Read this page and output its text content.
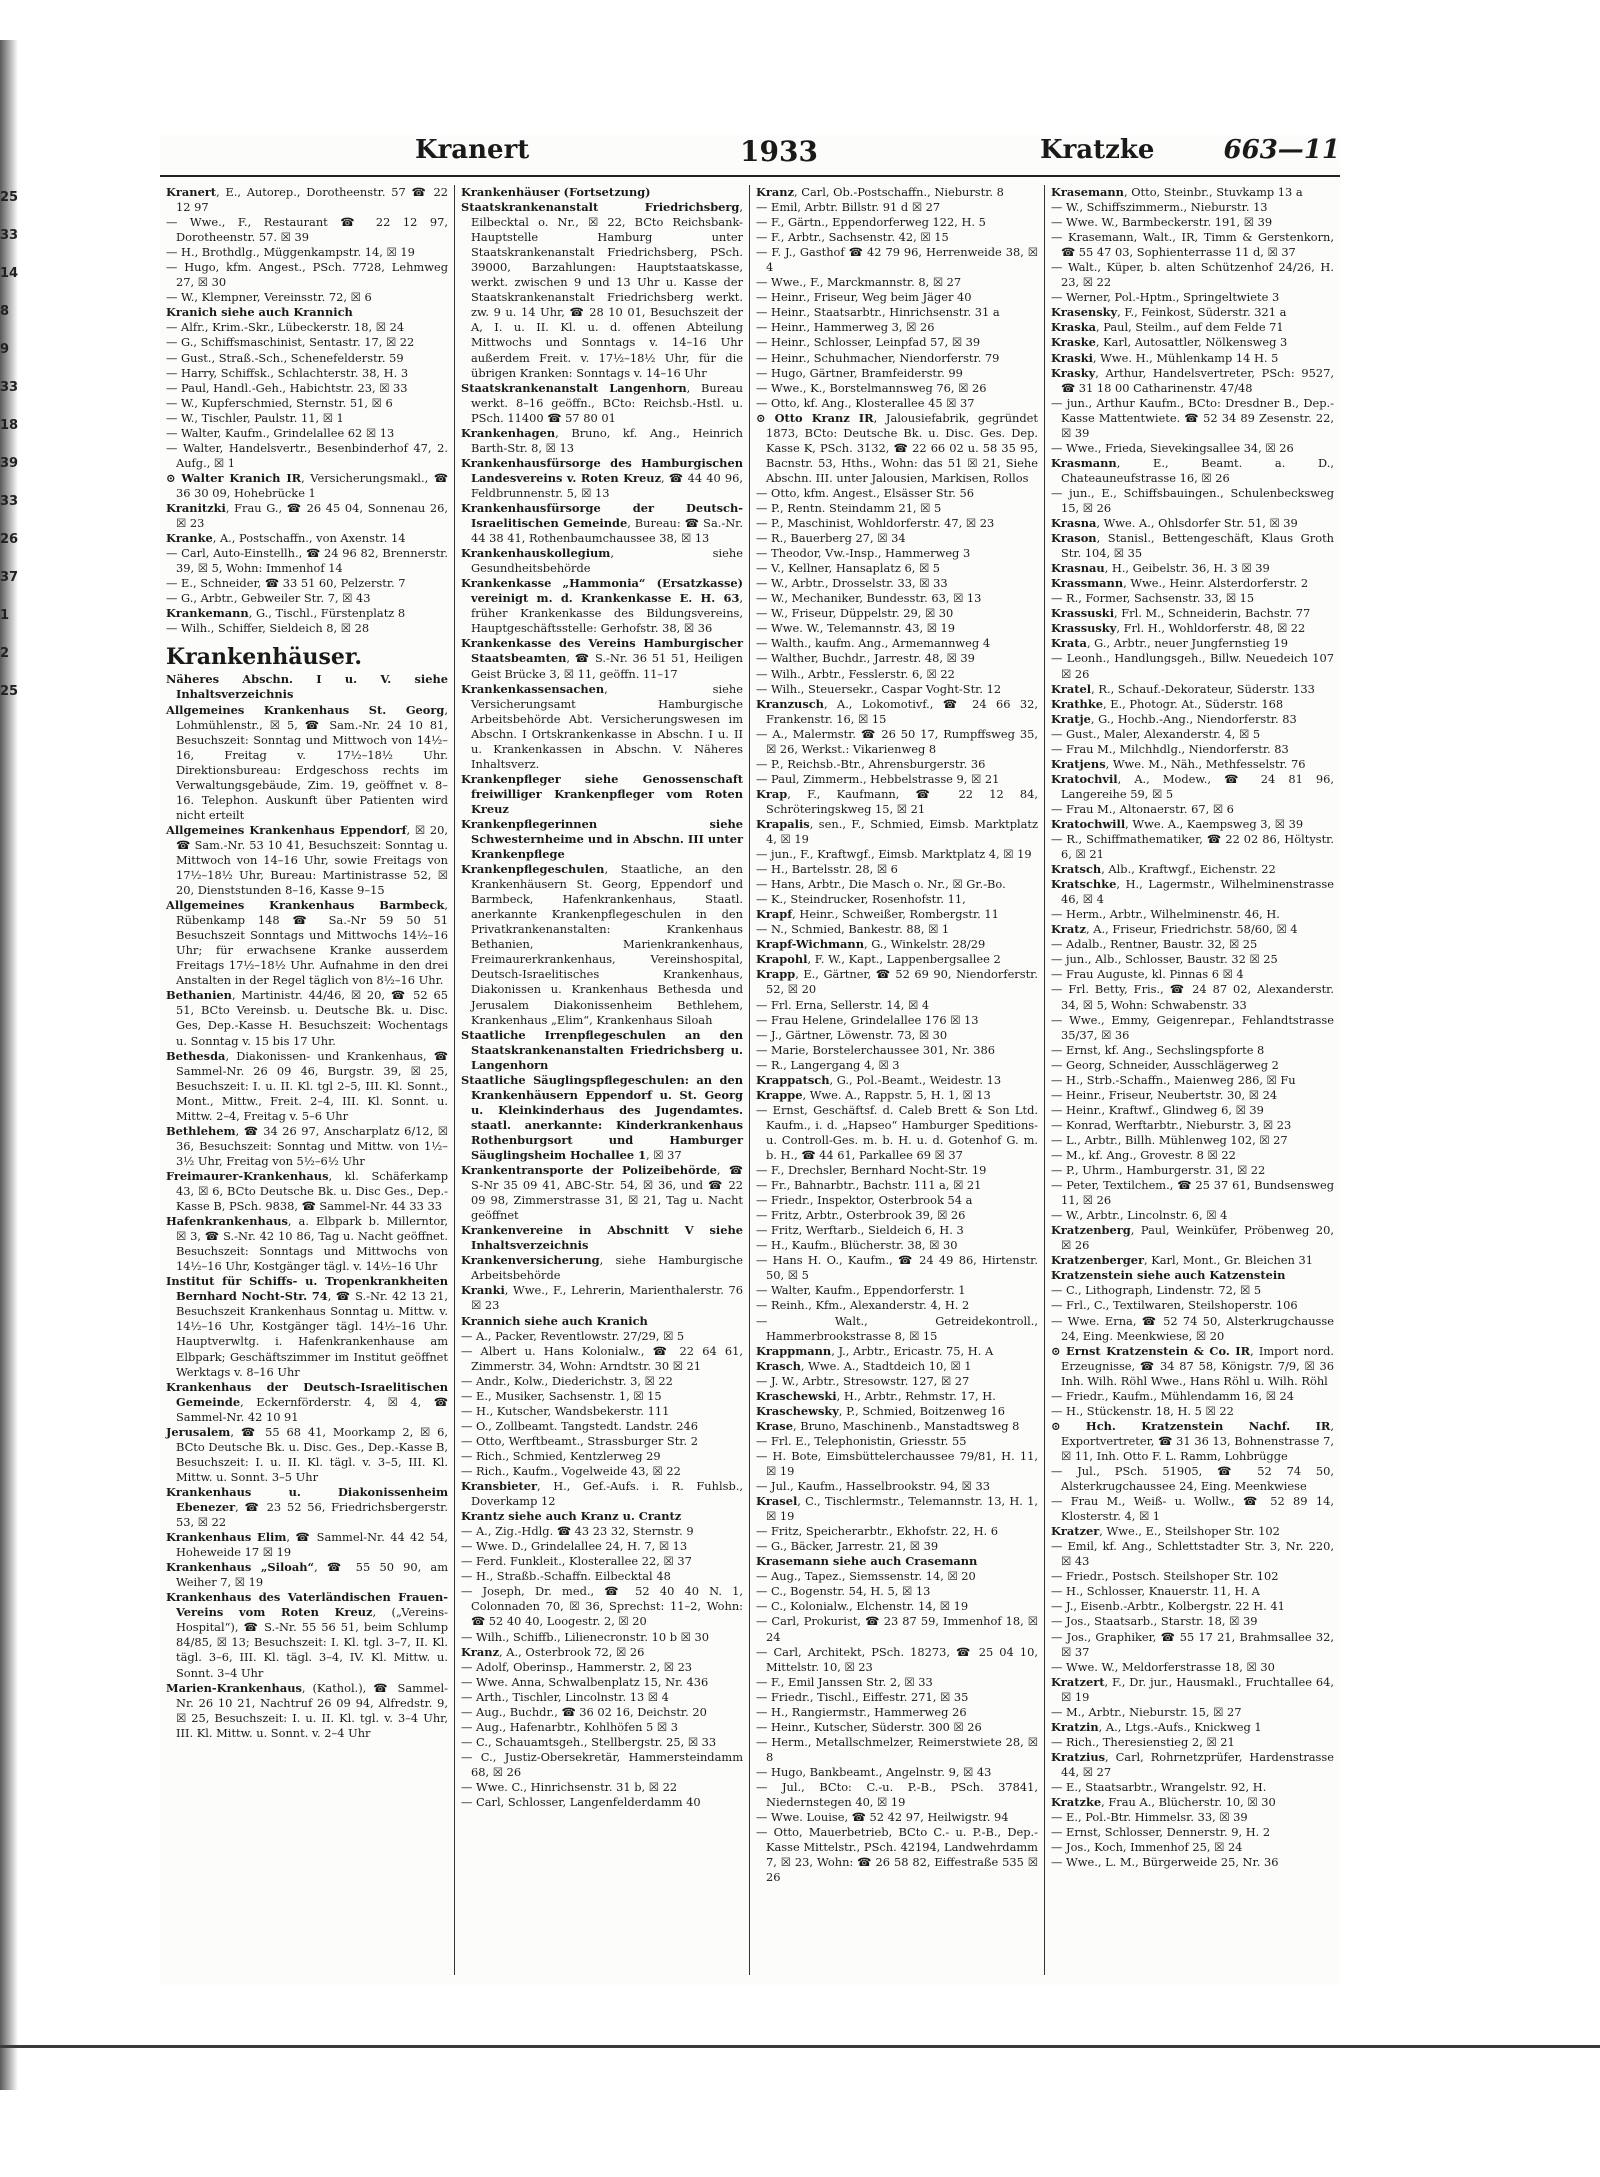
25
33
14
8
9
33
18
39
33
26
37
1
2
25
Kranert	1933	Kratzke	663—11

Kranert, E., Autorep., Dorotheenstr. 57 ☎ 22 12 97

— Wwe., F., Restaurant ☎ 22 12 97, Dorotheenstr. 57. ☒ 39

— H., Brothdlg., Müggenkampstr. 14, ☒ 19

— Hugo, kfm. Angest., PSch. 7728, Lehmweg 27, ☒ 30

— W., Klempner, Vereinsstr. 72, ☒ 6

Kranich siehe auch Krannich

— Alfr., Krim.-Skr., Lübeckerstr. 18, ☒ 24

— G., Schiffsmaschinist, Sentastr. 17, ☒ 22

— Gust., Straß.-Sch., Schenefelderstr. 59

— Harry, Schiffsk., Schlachterstr. 38, H. 3

— Paul, Handl.-Geh., Habichtstr. 23, ☒ 33

— W., Kupferschmied, Sternstr. 51, ☒ 6

— W., Tischler, Paulstr. 11, ☒ 1

— Walter, Kaufm., Grindelallee 62 ☒ 13

— Walter, Handelsvertr., Besenbinderhof 47, 2. Aufg., ☒ 1

⊙ Walter Kranich IR, Versicherungsmakl., ☎ 36 30 09, Hohebrücke 1

Kranitzki, Frau G., ☎ 26 45 04, Sonnenau 26, ☒ 23

Kranke, A., Postschaffn., von Axenstr. 14

— Carl, Auto-Einstellh., ☎ 24 96 82, Brennerstr. 39, ☒ 5, Wohn: Immenhof 14

— E., Schneider, ☎ 33 51 60, Pelzerstr. 7

— G., Arbtr., Gebweiler Str. 7, ☒ 43

Krankemann, G., Tischl., Fürstenplatz 8

— Wilh., Schiffer, Sieldeich 8, ☒ 28

Krankenhäuser.

Näheres Abschn. I u. V. siehe Inhaltsverzeichnis

Allgemeines Krankenhaus St. Georg, Lohmühlenstr., ☒ 5, ☎ Sam.-Nr. 24 10 81, Besuchszeit: Sonntag und Mittwoch von 14½–16, Freitag v. 17½–18½ Uhr. Direktionsbureau: Erdgeschoss rechts im Verwaltungsgebäude, Zim. 19, geöffnet v. 8–16. Telephon. Auskunft über Patienten wird nicht erteilt

Allgemeines Krankenhaus Eppendorf, ☒ 20, ☎ Sam.-Nr. 53 10 41, Besuchszeit: Sonntag u. Mittwoch von 14–16 Uhr, sowie Freitags von 17½–18½ Uhr, Bureau: Martinistrasse 52, ☒ 20, Dienststunden 8–16, Kasse 9–15

Allgemeines Krankenhaus Barmbeck, Rübenkamp 148 ☎ Sa.-Nr 59 50 51 Besuchszeit Sonntags und Mittwochs 14½–16 Uhr; für erwachsene Kranke ausserdem Freitags 17½–18½ Uhr. Aufnahme in den drei Anstalten in der Regel täglich von 8½–16 Uhr.

Bethanien, Martinistr. 44/46, ☒ 20, ☎ 52 65 51, BCto Vereinsb. u. Deutsche Bk. u. Disc. Ges, Dep.-Kasse H. Besuchszeit: Wochentags u. Sonntag v. 15 bis 17 Uhr.

Bethesda, Diakonissen- und Krankenhaus, ☎ Sammel-Nr. 26 09 46, Burgstr. 39, ☒ 25, Besuchszeit: I. u. II. Kl. tgl 2–5, III. Kl. Sonnt., Mont., Mittw., Freit. 2–4, III. Kl. Sonnt. u. Mittw. 2–4, Freitag v. 5–6 Uhr

Bethlehem, ☎ 34 26 97, Anscharplatz 6/12, ☒ 36, Besuchszeit: Sonntag und Mittw. von 1½–3½ Uhr, Freitag von 5½–6½ Uhr

Freimaurer-Krankenhaus, kl. Schäferkamp 43, ☒ 6, BCto Deutsche Bk. u. Disc Ges., Dep.-Kasse B, PSch. 9838, ☎ Sammel-Nr. 44 33 33

Hafenkrankenhaus, a. Elbpark b. Millerntor, ☒ 3, ☎ S.-Nr. 42 10 86, Tag u. Nacht geöffnet. Besuchszeit: Sonntags und Mittwochs von 14½–16 Uhr, Kostgänger tägl. v. 14½–16 Uhr

Institut für Schiffs- u. Tropenkrankheiten Bernhard Nocht-Str. 74, ☎ S.-Nr. 42 13 21, Besuchszeit Krankenhaus Sonntag u. Mittw. v. 14½–16 Uhr, Kostgänger tägl. 14½–16 Uhr. Hauptverwltg. i. Hafenkrankenhause am Elbpark; Geschäftszimmer im Institut geöffnet Werktags v. 8–16 Uhr

Krankenhaus der Deutsch-Israelitischen Gemeinde, Eckernförderstr. 4, ☒ 4, ☎ Sammel-Nr. 42 10 91

Jerusalem, ☎ 55 68 41, Moorkamp 2, ☒ 6, BCto Deutsche Bk. u. Disc. Ges., Dep.-Kasse B, Besuchszeit: I. u. II. Kl. tägl. v. 3–5, III. Kl. Mittw. u. Sonnt. 3–5 Uhr

Krankenhaus u. Diakonissenheim Ebenezer, ☎ 23 52 56, Friedrichsbergerstr. 53, ☒ 22

Krankenhaus Elim, ☎ Sammel-Nr. 44 42 54, Hoheweide 17 ☒ 19

Krankenhaus „Siloah“, ☎ 55 50 90, am Weiher 7, ☒ 19

Krankenhaus des Vaterländischen Frauen-Vereins vom Roten Kreuz, („Vereins-Hospital“), ☎ S.-Nr. 55 56 51, beim Schlump 84/85, ☒ 13; Besuchszeit: I. Kl. tgl. 3–7, II. Kl. tägl. 3–6, III. Kl. tägl. 3–4, IV. Kl. Mittw. u. Sonnt. 3–4 Uhr

Marien-Krankenhaus, (Kathol.), ☎ Sammel-Nr. 26 10 21, Nachtruf 26 09 94, Alfredstr. 9, ☒ 25, Besuchszeit: I. u. II. Kl. tgl. v. 3–4 Uhr, III. Kl. Mittw. u. Sonnt. v. 2–4 Uhr

Krankenhäuser (Fortsetzung)

Staatskrankenanstalt Friedrichsberg, Eilbecktal o. Nr., ☒ 22, BCto Reichsbank-Hauptstelle Hamburg unter Staatskrankenanstalt Friedrichsberg, PSch. 39000, Barzahlungen: Hauptstaatskasse, werkt. zwischen 9 und 13 Uhr u. Kasse der Staatskrankenanstalt Friedrichsberg werkt. zw. 9 u. 14 Uhr, ☎ 28 10 01, Besuchszeit der A, I. u. II. Kl. u. d. offenen Abteilung Mittwochs und Sonntags v. 14–16 Uhr außerdem Freit. v. 17½–18½ Uhr, für die übrigen Kranken: Sonntags v. 14–16 Uhr

Staatskrankenanstalt Langenhorn, Bureau werkt. 8–16 geöffn., BCto: Reichsb.-Hstl. u. PSch. 11400 ☎ 57 80 01

Krankenhagen, Bruno, kf. Ang., Heinrich Barth-Str. 8, ☒ 13

Krankenhausfürsorge des Hamburgischen Landesvereins v. Roten Kreuz, ☎ 44 40 96, Feldbrunnenstr. 5, ☒ 13

Krankenhausfürsorge der Deutsch-Israelitischen Gemeinde, Bureau: ☎ Sa.-Nr. 44 38 41, Rothenbaumchaussee 38, ☒ 13

Krankenhauskollegium, siehe Gesundheitsbehörde

Krankenkasse „Hammonia“ (Ersatzkasse) vereinigt m. d. Krankenkasse E. H. 63, früher Krankenkasse des Bildungsvereins, Hauptgeschäftsstelle: Gerhofstr. 38, ☒ 36

Krankenkasse des Vereins Hamburgischer Staatsbeamten, ☎ S.-Nr. 36 51 51, Heiligen Geist Brücke 3, ☒ 11, geöffn. 11–17

Krankenkassensachen, siehe Versicherungsamt Hamburgische Arbeitsbehörde Abt. Versicherungswesen im Abschn. I Ortskrankenkasse in Abschn. I u. II u. Krankenkassen in Abschn. V. Näheres Inhaltsverz.

Krankenpfleger siehe Genossenschaft freiwilliger Krankenpfleger vom Roten Kreuz

Krankenpflegerinnen siehe Schwesternheime und in Abschn. III unter Krankenpflege

Krankenpflegeschulen, Staatliche, an den Krankenhäusern St. Georg, Eppendorf und Barmbeck, Hafenkrankenhaus, Staatl. anerkannte Krankenpflegeschulen in den Privatkrankenanstalten: Krankenhaus Bethanien, Marienkrankenhaus, Freimaurerkrankenhaus, Vereinshospital, Deutsch-Israelitisches Krankenhaus, Diakonissen u. Krankenhaus Bethesda und Jerusalem Diakonissenheim Bethlehem, Krankenhaus „Elim“, Krankenhaus Siloah

Staatliche Irrenpflegeschulen an den Staatskrankenanstalten Friedrichsberg u. Langenhorn

Staatliche Säuglingspflegeschulen: an den Krankenhäusern Eppendorf u. St. Georg u. Kleinkinderhaus des Jugendamtes. staatl. anerkannte: Kinderkrankenhaus Rothenburgsort und Hamburger Säuglingsheim Hochallee 1, ☒ 37

Krankentransporte der Polizeibehörde, ☎ S-Nr 35 09 41, ABC-Str. 54, ☒ 36, und ☎ 22 09 98, Zimmerstrasse 31, ☒ 21, Tag u. Nacht geöffnet

Krankenvereine in Abschnitt V siehe Inhaltsverzeichnis

Krankenversicherung, siehe Hamburgische Arbeitsbehörde

Kranki, Wwe., F., Lehrerin, Marienthalerstr. 76 ☒ 23

Krannich siehe auch Kranich

— A., Packer, Reventlowstr. 27/29, ☒ 5

— Albert u. Hans Kolonialw., ☎ 22 64 61, Zimmerstr. 34, Wohn: Arndtstr. 30 ☒ 21

— Andr., Kolw., Diederichstr. 3, ☒ 22

— E., Musiker, Sachsenstr. 1, ☒ 15

— H., Kutscher, Wandsbekerstr. 111

— O., Zollbeamt. Tangstedt. Landstr. 246

— Otto, Werftbeamt., Strassburger Str. 2

— Rich., Schmied, Kentzlerweg 29

— Rich., Kaufm., Vogelweide 43, ☒ 22

Kransbieter, H., Gef.-Aufs. i. R. Fuhlsb., Doverkamp 12

Krantz siehe auch Kranz u. Crantz

— A., Zig.-Hdlg. ☎ 43 23 32, Sternstr. 9

— Wwe. D., Grindelallee 24, H. 7, ☒ 13

— Ferd. Funkleit., Klosterallee 22, ☒ 37

— H., Straßb.-Schaffn. Eilbecktal 48

— Joseph, Dr. med., ☎ 52 40 40 N. 1, Colonnaden 70, ☒ 36, Sprechst: 11–2, Wohn: ☎ 52 40 40, Loogestr. 2, ☒ 20

— Wilh., Schiffb., Lilienecronstr. 10 b ☒ 30

Kranz, A., Osterbrook 72, ☒ 26

— Adolf, Oberinsp., Hammerstr. 2, ☒ 23

— Wwe. Anna, Schwalbenplatz 15, Nr. 436

— Arth., Tischler, Lincolnstr. 13 ☒ 4

— Aug., Buchdr., ☎ 36 02 16, Deichstr. 20

— Aug., Hafenarbtr., Kohlhöfen 5 ☒ 3

— C., Schauamtsgeh., Stellbergstr. 25, ☒ 33

— C., Justiz-Obersekretär, Hammersteindamm 68, ☒ 26

— Wwe. C., Hinrichsenstr. 31 b, ☒ 22

— Carl, Schlosser, Langenfelderdamm 40

Kranz, Carl, Ob.-Postschaffn., Nieburstr. 8

— Emil, Arbtr. Billstr. 91 d ☒ 27

— F., Gärtn., Eppendorferweg 122, H. 5

— F., Arbtr., Sachsenstr. 42, ☒ 15

— F. J., Gasthof ☎ 42 79 96, Herrenweide 38, ☒ 4

— Wwe., F., Marckmannstr. 8, ☒ 27

— Heinr., Friseur, Weg beim Jäger 40

— Heinr., Staatsarbtr., Hinrichsenstr. 31 a

— Heinr., Hammerweg 3, ☒ 26

— Heinr., Schlosser, Leinpfad 57, ☒ 39

— Heinr., Schuhmacher, Niendorferstr. 79

— Hugo, Gärtner, Bramfeiderstr. 99

— Wwe., K., Borstelmannsweg 76, ☒ 26

— Otto, kf. Ang., Klosterallee 45 ☒ 37

⊙ Otto Kranz IR, Jalousiefabrik, gegründet 1873, BCto: Deutsche Bk. u. Disc. Ges. Dep. Kasse K, PSch. 3132, ☎ 22 66 02 u. 58 35 95, Bacnstr. 53, Hths., Wohn: das 51 ☒ 21, Siehe Abschn. III. unter Jalousien, Markisen, Rollos

— Otto, kfm. Angest., Elsässer Str. 56

— P., Rentn. Steindamm 21, ☒ 5

— P., Maschinist, Wohldorferstr. 47, ☒ 23

— R., Bauerberg 27, ☒ 34

— Theodor, Vw.-Insp., Hammerweg 3

— V., Kellner, Hansaplatz 6, ☒ 5

— W., Arbtr., Drosselstr. 33, ☒ 33

— W., Mechaniker, Bundesstr. 63, ☒ 13

— W., Friseur, Düppelstr. 29, ☒ 30

— Wwe. W., Telemannstr. 43, ☒ 19

— Walth., kaufm. Ang., Armemannweg 4

— Walther, Buchdr., Jarrestr. 48, ☒ 39

— Wilh., Arbtr., Fesslerstr. 6, ☒ 22

— Wilh., Steuersekr., Caspar Voght-Str. 12

Kranzusch, A., Lokomotivf., ☎ 24 66 32, Frankenstr. 16, ☒ 15

— A., Malermstr. ☎ 26 50 17, Rumpffsweg 35, ☒ 26, Werkst.: Vikarienweg 8

— P., Reichsb.-Btr., Ahrensburgerstr. 36

— Paul, Zimmerm., Hebbelstrasse 9, ☒ 21

Krap, F., Kaufmann, ☎ 22 12 84, Schröteringskweg 15, ☒ 21

Krapalis, sen., F., Schmied, Eimsb. Marktplatz 4, ☒ 19

— jun., F., Kraftwgf., Eimsb. Marktplatz 4, ☒ 19

— H., Bartelsstr. 28, ☒ 6

— Hans, Arbtr., Die Masch o. Nr., ☒ Gr.-Bo.

— K., Steindrucker, Rosenhofstr. 11,

Krapf, Heinr., Schweißer, Rombergstr. 11

— N., Schmied, Bankestr. 88, ☒ 1

Krapf-Wichmann, G., Winkelstr. 28/29

Krapohl, F. W., Kapt., Lappenbergsallee 2

Krapp, E., Gärtner, ☎ 52 69 90, Niendorferstr. 52, ☒ 20

— Frl. Erna, Sellerstr. 14, ☒ 4

— Frau Helene, Grindelallee 176 ☒ 13

— J., Gärtner, Löwenstr. 73, ☒ 30

— Marie, Borstelerchaussee 301, Nr. 386

— R., Langergang 4, ☒ 3

Krappatsch, G., Pol.-Beamt., Weidestr. 13

Krappe, Wwe. A., Rappstr. 5, H. 1, ☒ 13

— Ernst, Geschäftsf. d. Caleb Brett & Son Ltd. Kaufm., i. d. „Hapseo“ Hamburger Speditions- u. Controll-Ges. m. b. H. u. d. Gotenhof G. m. b. H., ☎ 44 61, Parkallee 69 ☒ 37

— F., Drechsler, Bernhard Nocht-Str. 19

— Fr., Bahnarbtr., Bachstr. 111 a, ☒ 21

— Friedr., Inspektor, Osterbrook 54 a

— Fritz, Arbtr., Osterbrook 39, ☒ 26

— Fritz, Werftarb., Sieldeich 6, H. 3

— H., Kaufm., Blücherstr. 38, ☒ 30

— Hans H. O., Kaufm., ☎ 24 49 86, Hirtenstr. 50, ☒ 5

— Walter, Kaufm., Eppendorferstr. 1

— Reinh., Kfm., Alexanderstr. 4, H. 2

— Walt., Getreidekontroll., Hammerbrookstrasse 8, ☒ 15

Krappmann, J., Arbtr., Ericastr. 75, H. A

Krasch, Wwe. A., Stadtdeich 10, ☒ 1

— J. W., Arbtr., Stresowstr. 127, ☒ 27

Kraschewski, H., Arbtr., Rehmstr. 17, H.

Kraschewsky, P., Schmied, Boitzenweg 16

Krase, Bruno, Maschinenb., Manstadtsweg 8

— Frl. E., Telephonistin, Griesstr. 55

— H. Bote, Eimsbüttelerchaussee 79/81, H. 11, ☒ 19

— Jul., Kaufm., Hasselbrookstr. 94, ☒ 33

Krasel, C., Tischlermstr., Telemannstr. 13, H. 1, ☒ 19

— Fritz, Speicherarbtr., Ekhofstr. 22, H. 6

— G., Bäcker, Jarrestr. 21, ☒ 39

Krasemann siehe auch Crasemann

— Aug., Tapez., Siemssenstr. 14, ☒ 20

— C., Bogenstr. 54, H. 5, ☒ 13

— C., Kolonialw., Elchenstr. 14, ☒ 19

— Carl, Prokurist, ☎ 23 87 59, Immenhof 18, ☒ 24

— Carl, Architekt, PSch. 18273, ☎ 25 04 10, Mittelstr. 10, ☒ 23

— F., Emil Janssen Str. 2, ☒ 33

— Friedr., Tischl., Eiffestr. 271, ☒ 35

— H., Rangiermstr., Hammerweg 26

— Heinr., Kutscher, Süderstr. 300 ☒ 26

— Herm., Metallschmelzer, Reimerstwiete 28, ☒ 8

— Hugo, Bankbeamt., Angelnstr. 9, ☒ 43

— Jul., BCto: C.-u. P.-B., PSch. 37841, Niedernstegen 40, ☒ 19

— Wwe. Louise, ☎ 52 42 97, Heilwigstr. 94

— Otto, Mauerbetrieb, BCto C.- u. P.-B., Dep.-Kasse Mittelstr., PSch. 42194, Landwehrdamm 7, ☒ 23, Wohn: ☎ 26 58 82, Eiffestraße 535 ☒ 26

Krasemann, Otto, Steinbr., Stuvkamp 13 a

— W., Schiffszimmerm., Nieburstr. 13

— Wwe. W., Barmbeckerstr. 191, ☒ 39

— Krasemann, Walt., IR, Timm & Gerstenkorn, ☎ 55 47 03, Sophienterrasse 11 d, ☒ 37

— Walt., Küper, b. alten Schützenhof 24/26, H. 23, ☒ 22

— Werner, Pol.-Hptm., Springeltwiete 3

Krasensky, F., Feinkost, Süderstr. 321 a

Kraska, Paul, Steilm., auf dem Felde 71

Kraske, Karl, Autosattler, Nölkensweg 3

Kraski, Wwe. H., Mühlenkamp 14 H. 5

Krasky, Arthur, Handelsvertreter, PSch: 9527, ☎ 31 18 00 Catharinenstr. 47/48

— jun., Arthur Kaufm., BCto: Dresdner B., Dep.-Kasse Mattentwiete. ☎ 52 34 89 Zesenstr. 22, ☒ 39

— Wwe., Frieda, Sievekingsallee 34, ☒ 26

Krasmann, E., Beamt. a. D., Chateauneufstrasse 16, ☒ 26

— jun., E., Schiffsbauingen., Schulenbecksweg 15, ☒ 26

Krasna, Wwe. A., Ohlsdorfer Str. 51, ☒ 39

Krason, Stanisl., Bettengeschäft, Klaus Groth Str. 104, ☒ 35

Krasnau, H., Geibelstr. 36, H. 3 ☒ 39

Krassmann, Wwe., Heinr. Alsterdorferstr. 2

— R., Former, Sachsenstr. 33, ☒ 15

Krassuski, Frl. M., Schneiderin, Bachstr. 77

Krassusky, Frl. H., Wohldorferstr. 48, ☒ 22

Krata, G., Arbtr., neuer Jungfernstieg 19

— Leonh., Handlungsgeh., Billw. Neuedeich 107 ☒ 26

Kratel, R., Schauf.-Dekorateur, Süderstr. 133

Krathke, E., Photogr. At., Süderstr. 168

Kratje, G., Hochb.-Ang., Niendorferstr. 83

— Gust., Maler, Alexanderstr. 4, ☒ 5

— Frau M., Milchhdlg., Niendorferstr. 83

Kratjens, Wwe. M., Näh., Methfesselstr. 76

Kratochvil, A., Modew., ☎ 24 81 96, Langereihe 59, ☒ 5

— Frau M., Altonaerstr. 67, ☒ 6

Kratochwill, Wwe. A., Kaempsweg 3, ☒ 39

— R., Schiffmathematiker, ☎ 22 02 86, Höltystr. 6, ☒ 21

Kratsch, Alb., Kraftwgf., Eichenstr. 22

Kratschke, H., Lagermstr., Wilhelminenstrasse 46, ☒ 4

— Herm., Arbtr., Wilhelminenstr. 46, H.

Kratz, A., Friseur, Friedrichstr. 58/60, ☒ 4

— Adalb., Rentner, Baustr. 32, ☒ 25

— jun., Alb., Schlosser, Baustr. 32 ☒ 25

— Frau Auguste, kl. Pinnas 6 ☒ 4

— Frl. Betty, Fris., ☎ 24 87 02, Alexanderstr. 34, ☒ 5, Wohn: Schwabenstr. 33

— Wwe., Emmy, Geigenrepar., Fehlandtstrasse 35/37, ☒ 36

— Ernst, kf. Ang., Sechslingspforte 8

— Georg, Schneider, Ausschlägerweg 2

— H., Strb.-Schaffn., Maienweg 286, ☒ Fu

— Heinr., Friseur, Neubertstr. 30, ☒ 24

— Heinr., Kraftwf., Glindweg 6, ☒ 39

— Konrad, Werftarbtr., Nieburstr. 3, ☒ 23

— L., Arbtr., Billh. Mühlenweg 102, ☒ 27

— M., kf. Ang., Grovestr. 8 ☒ 22

— P., Uhrm., Hamburgerstr. 31, ☒ 22

— Peter, Textilchem., ☎ 25 37 61, Bundsensweg 11, ☒ 26

— W., Arbtr., Lincolnstr. 6, ☒ 4

Kratzenberg, Paul, Weinküfer, Pröbenweg 20, ☒ 26

Kratzenberger, Karl, Mont., Gr. Bleichen 31

Kratzenstein siehe auch Katzenstein

— C., Lithograph, Lindenstr. 72, ☒ 5

— Frl., C., Textilwaren, Steilshoperstr. 106

— Wwe. Erna, ☎ 52 74 50, Alsterkrugchausse 24, Eing. Meenkwiese, ☒ 20

⊙ Ernst Kratzenstein & Co. IR, Import nord. Erzeugnisse, ☎ 34 87 58, Königstr. 7/9, ☒ 36 Inh. Wilh. Röhl Wwe., Hans Röhl u. Wilh. Röhl

— Friedr., Kaufm., Mühlendamm 16, ☒ 24

— H., Stückenstr. 18, H. 5 ☒ 22

⊙ Hch. Kratzenstein Nachf. IR, Exportvertreter, ☎ 31 36 13, Bohnenstrasse 7, ☒ 11, Inh. Otto F. L. Ramm, Lohbrügge

— Jul., PSch. 51905, ☎ 52 74 50, Alsterkrugchaussee 24, Eing. Meenkwiese

— Frau M., Weiß- u. Wollw., ☎ 52 89 14, Klosterstr. 4, ☒ 1

Kratzer, Wwe., E., Steilshoper Str. 102

— Emil, kf. Ang., Schlettstadter Str. 3, Nr. 220, ☒ 43

— Friedr., Postsch. Steilshoper Str. 102

— H., Schlosser, Knauerstr. 11, H. A

— J., Eisenb.-Arbtr., Kolbergstr. 22 H. 41

— Jos., Staatsarb., Starstr. 18, ☒ 39

— Jos., Graphiker, ☎ 55 17 21, Brahmsallee 32, ☒ 37

— Wwe. W., Meldorferstrasse 18, ☒ 30

Kratzert, F., Dr. jur., Hausmakl., Fruchtallee 64, ☒ 19

— M., Arbtr., Nieburstr. 15, ☒ 27

Kratzin, A., Ltgs.-Aufs., Knickweg 1

— Rich., Theresienstieg 2, ☒ 21

Kratzius, Carl, Rohrnetzprüfer, Hardenstrasse 44, ☒ 27

— E., Staatsarbtr., Wrangelstr. 92, H.

Kratzke, Frau A., Blücherstr. 10, ☒ 30

— E., Pol.-Btr. Himmelsr. 33, ☒ 39

— Ernst, Schlosser, Dennerstr. 9, H. 2

— Jos., Koch, Immenhof 25, ☒ 24

— Wwe., L. M., Bürgerweide 25, Nr. 36
